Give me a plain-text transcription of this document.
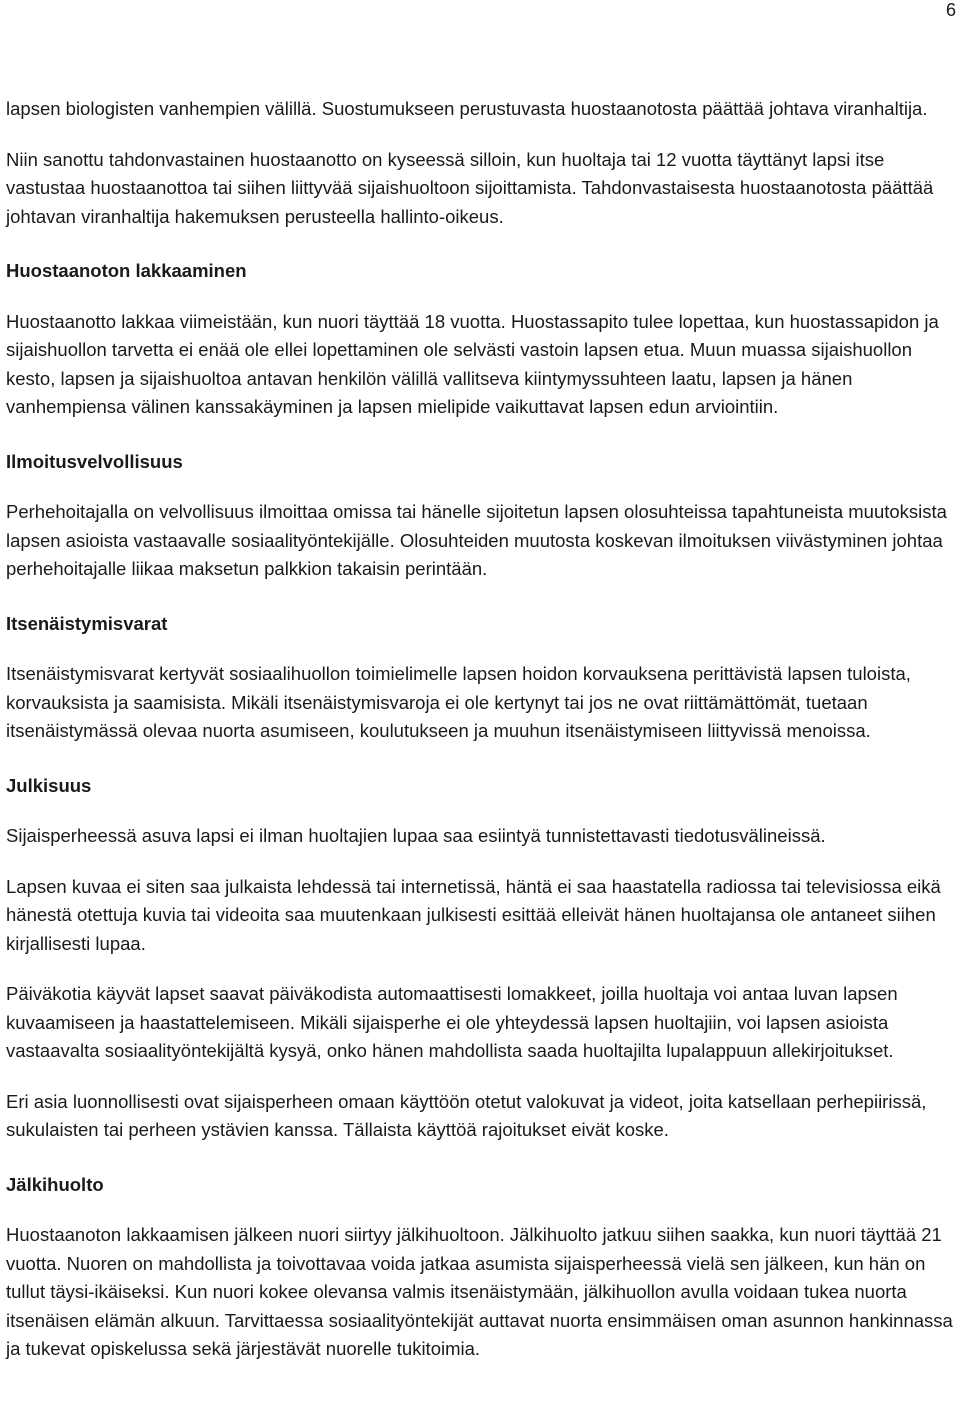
6

lapsen biologisten vanhempien välillä. Suostumukseen perustuvasta huostaanotosta päättää johtava viranhaltija.

Niin sanottu tahdonvastainen huostaanotto on kyseessä silloin, kun huoltaja tai 12 vuotta täyttänyt lapsi itse vastustaa huostaanottoa tai siihen liittyvää sijaishuoltoon sijoittamista. Tahdonvastaisesta huostaanotosta päättää johtavan viranhaltija hakemuksen perusteella hallinto-oikeus.

Huostaanoton lakkaaminen

Huostaanotto lakkaa viimeistään, kun nuori täyttää 18 vuotta. Huostassapito tulee lopettaa, kun huostassapidon ja sijaishuollon tarvetta ei enää ole ellei lopettaminen ole selvästi vastoin lapsen etua. Muun muassa sijaishuollon kesto, lapsen ja sijaishuoltoa antavan henkilön välillä vallitseva kiintymyssuhteen laatu, lapsen ja hänen vanhempiensa välinen kanssakäyminen ja lapsen mielipide vaikuttavat lapsen edun arviointiin.

Ilmoitusvelvollisuus

Perhehoitajalla on velvollisuus ilmoittaa omissa tai hänelle sijoitetun lapsen olosuhteissa tapahtuneista muutoksista lapsen asioista vastaavalle sosiaalityöntekijälle. Olosuhteiden muutosta koskevan ilmoituksen viivästyminen johtaa perhehoitajalle liikaa maksetun palkkion takaisin perintään.

Itsenäistymisvarat

Itsenäistymisvarat kertyvät sosiaalihuollon toimielimelle lapsen hoidon korvauksena perittävistä lapsen tuloista, korvauksista ja saamisista. Mikäli itsenäistymisvaroja ei ole kertynyt tai jos ne ovat riittämättömät, tuetaan itsenäistymässä olevaa nuorta asumiseen, koulutukseen ja muuhun itsenäistymiseen liittyvissä menoissa.

Julkisuus

Sijaisperheessä asuva lapsi ei ilman huoltajien lupaa saa esiintyä tunnistettavasti tiedotusvälineissä.

Lapsen kuvaa ei siten saa julkaista lehdessä tai internetissä, häntä ei saa haastatella radiossa tai televisiossa eikä hänestä otettuja kuvia tai videoita saa muutenkaan julkisesti esittää elleivät hänen huoltajansa ole antaneet siihen kirjallisesti lupaa.

Päiväkotia käyvät lapset saavat päiväkodista automaattisesti lomakkeet, joilla huoltaja voi antaa luvan lapsen kuvaamiseen ja haastattelemiseen. Mikäli sijaisperhe ei ole yhteydessä lapsen huoltajiin, voi lapsen asioista vastaavalta sosiaalityöntekijältä kysyä, onko hänen mahdollista saada huoltajilta lupalappuun allekirjoitukset.

Eri asia luonnollisesti ovat sijaisperheen omaan käyttöön otetut valokuvat ja videot, joita katsellaan perhepiirissä, sukulaisten tai perheen ystävien kanssa. Tällaista käyttöä rajoitukset eivät koske.

Jälkihuolto

Huostaanoton lakkaamisen jälkeen nuori siirtyy jälkihuoltoon. Jälkihuolto jatkuu siihen saakka, kun nuori täyttää 21 vuotta. Nuoren on mahdollista ja toivottavaa voida jatkaa asumista sijaisperheessä vielä sen jälkeen, kun hän on tullut täysi-ikäiseksi. Kun nuori kokee olevansa valmis itsenäistymään, jälkihuollon avulla voidaan tukea nuorta itsenäisen elämän alkuun. Tarvittaessa sosiaalityöntekijät auttavat nuorta ensimmäisen oman asunnon hankinnassa ja tukevat opiskelussa sekä järjestävät nuorelle tukitoimia.
